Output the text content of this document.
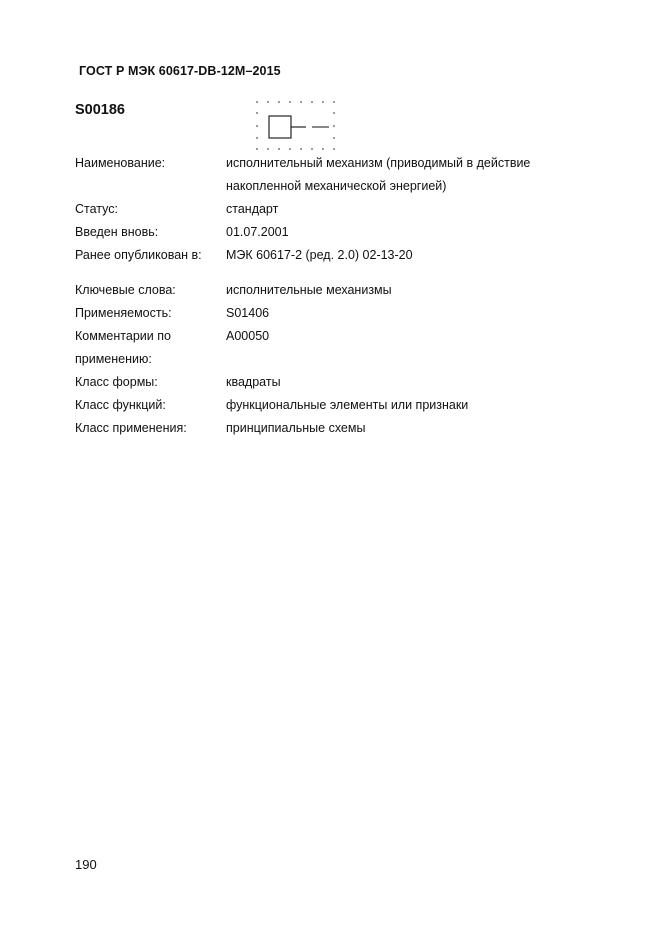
ГОСТ Р МЭК 60617-DB-12M–2015
S00186
Наименование:	исполнительный механизм (приводимый в действие
накопленной механической энергией)
Статус:	стандарт
Введен вновь:	01.07.2001
Ранее опубликован в:	МЭК 60617-2 (ред. 2.0) 02-13-20
Ключевые слова:	исполнительные механизмы
Применяемость:	S01406
Комментарии по	A00050
применению:
Класс формы:	квадраты
Класс функций:	функциональные элементы или признаки
Класс применения:	принципиальные схемы
190
